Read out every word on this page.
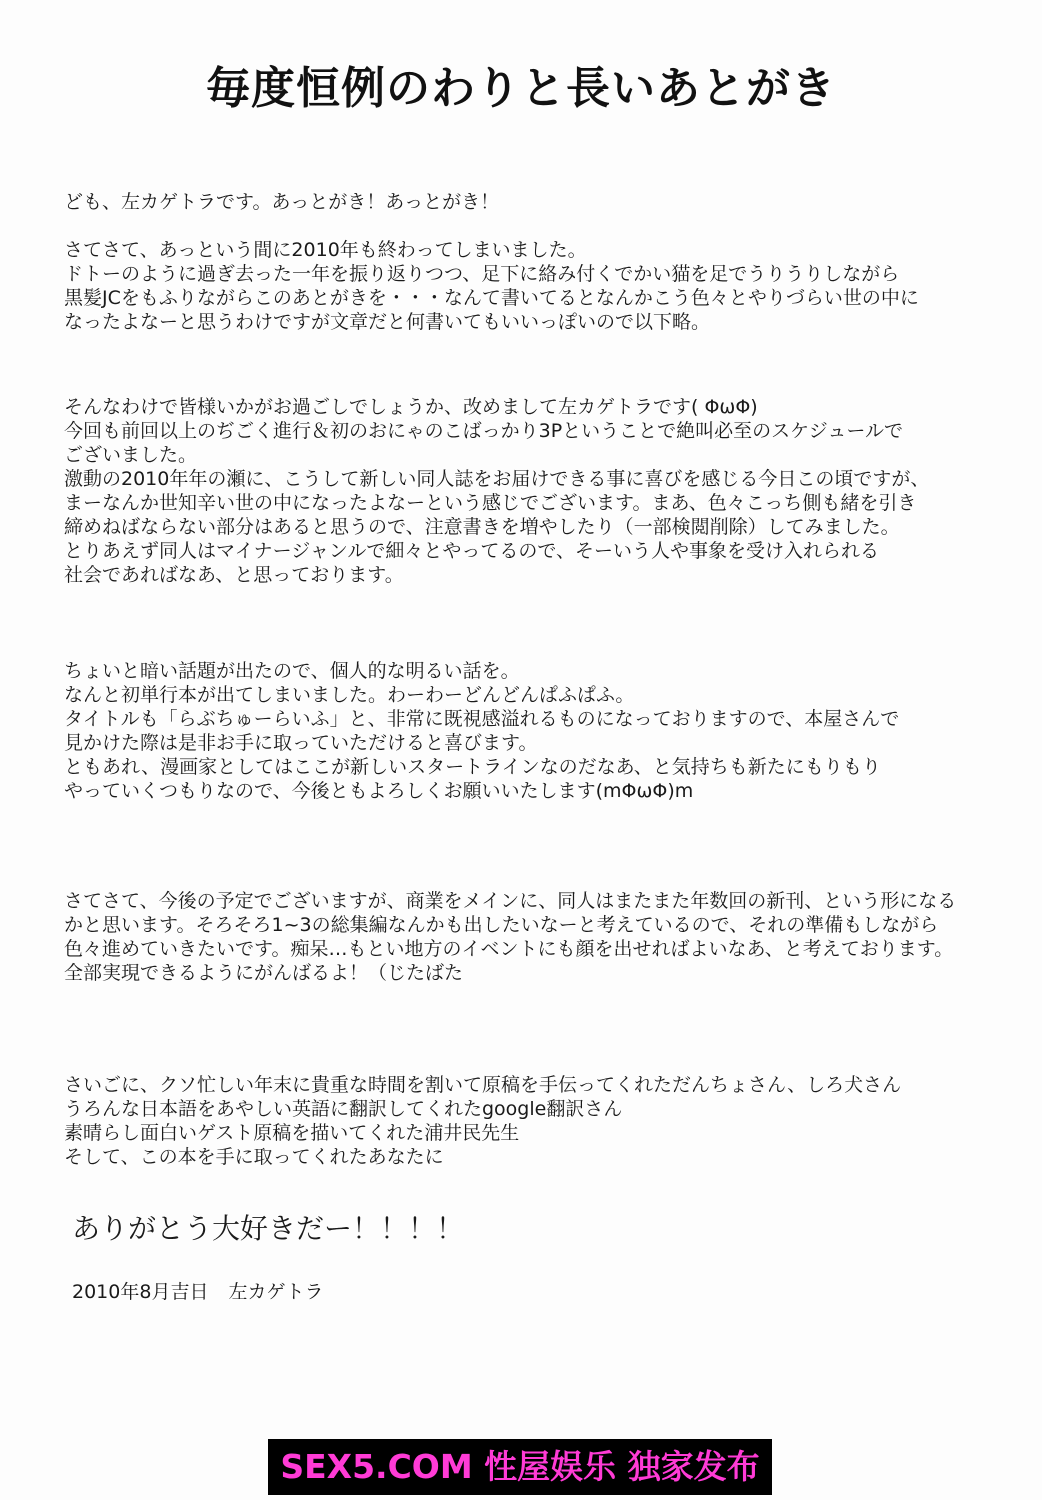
毎度恒例のわりと長いあとがき
ども、左カゲトラです。あっとがき！あっとがき！
さてさて、あっという間に2010年も終わってしまいました。
ドトーのように過ぎ去った一年を振り返りつつ、足下に絡み付くでかい猫を足でうりうりしながら
黒髪JCをもふりながらこのあとがきを・・・なんて書いてるとなんかこう色々とやりづらい世の中に
なったよなーと思うわけですが文章だと何書いてもいいっぽいので以下略。
そんなわけで皆様いかがお過ごしでしょうか、改めまして左カゲトラです( ΦωΦ)
今回も前回以上のぢごく進行＆初のおにゃのこばっかり3Pということで絶叫必至のスケジュールで
ございました。
激動の2010年年の瀬に、こうして新しい同人誌をお届けできる事に喜びを感じる今日この頃ですが、
まーなんか世知辛い世の中になったよなーという感じでございます。まあ、色々こっち側も緒を引き
締めねばならない部分はあると思うので、注意書きを増やしたり（一部検閲削除）してみました。
とりあえず同人はマイナージャンルで細々とやってるので、そーいう人や事象を受け入れられる
社会であればなあ、と思っております。
ちょいと暗い話題が出たので、個人的な明るい話を。
なんと初単行本が出てしまいました。わーわーどんどんぱふぱふ。
タイトルも「らぶちゅーらいふ」と、非常に既視感溢れるものになっておりますので、本屋さんで
見かけた際は是非お手に取っていただけると喜びます。
ともあれ、漫画家としてはここが新しいスタートラインなのだなあ、と気持ちも新たにもりもり
やっていくつもりなので、今後ともよろしくお願いいたします(mΦωΦ)m
さてさて、今後の予定でございますが、商業をメインに、同人はまたまた年数回の新刊、という形になる
かと思います。そろそろ1~3の総集編なんかも出したいなーと考えているので、それの準備もしながら
色々進めていきたいです。痴呆…もとい地方のイベントにも顔を出せればよいなあ、と考えております。
全部実現できるようにがんばるよ！（じたばた
さいごに、クソ忙しい年末に貴重な時間を割いて原稿を手伝ってくれただんちょさん、しろ犬さん
うろんな日本語をあやしい英語に翻訳してくれたgoogle翻訳さん
素晴らし面白いゲスト原稿を描いてくれた浦井民先生
そして、この本を手に取ってくれたあなたに
ありがとう大好きだー！！！！
2010年8月吉日 左カゲトラ
SEX5.COM 性屋娱乐 独家发布
